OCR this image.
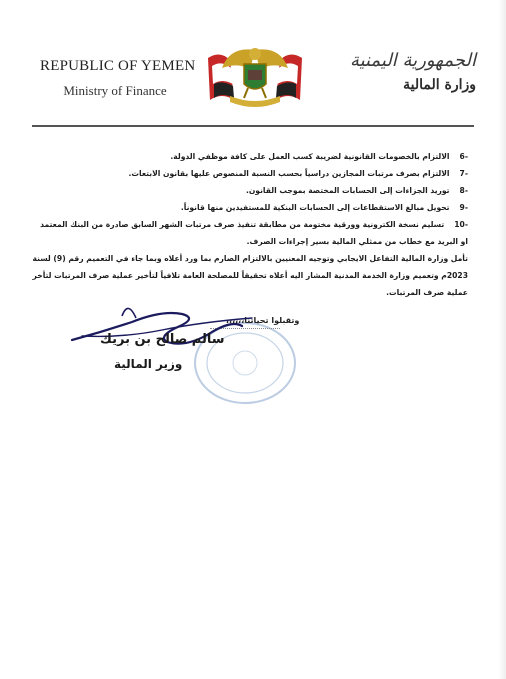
REPUBLIC OF YEMEN
Ministry of Finance
الجمهورية اليمنية
وزارة المالية
-6الالتزام بالخصومات القانونية لضريبة كسب العمل على كافة موظفي الدولة.
-7الالتزام بصرف مرتبات المجازين دراسياً بحسب النسبة المنصوص عليها بقانون الابتعاث.
-8توريد الجزاءات إلى الحسابات المختصة بموجب القانون.
-9تحويل مبالغ الاستقطاعات إلى الحسابات البنكية للمستفيدين منها قانوناً.
-10تسليم نسخة الكترونية وورقية مختومة من مطابقة تنفيذ صرف مرتبات الشهر السابق صادرة من البنك المعتمد
او البريد مع خطاب من ممثلي المالية بسير إجراءات الصرف.
تأمل وزارة المالية التفاعل الايجابي وتوجيه المعنيين بالالتزام الصارم بما ورد أعلاه وبما جاء في التعميم رقم (9) لسنة
2023م وتعميم وزارة الخدمة المدنية المشار اليه أعلاه تحقيقاً للمصلحة العامة تلافياً لتأخير عملية صرف المرتبات لتأخر
عملية صرف المرتبات.
وتقبلوا تحياتنا،،،،،،
سالم صالح بن بريك
وزير المالية
